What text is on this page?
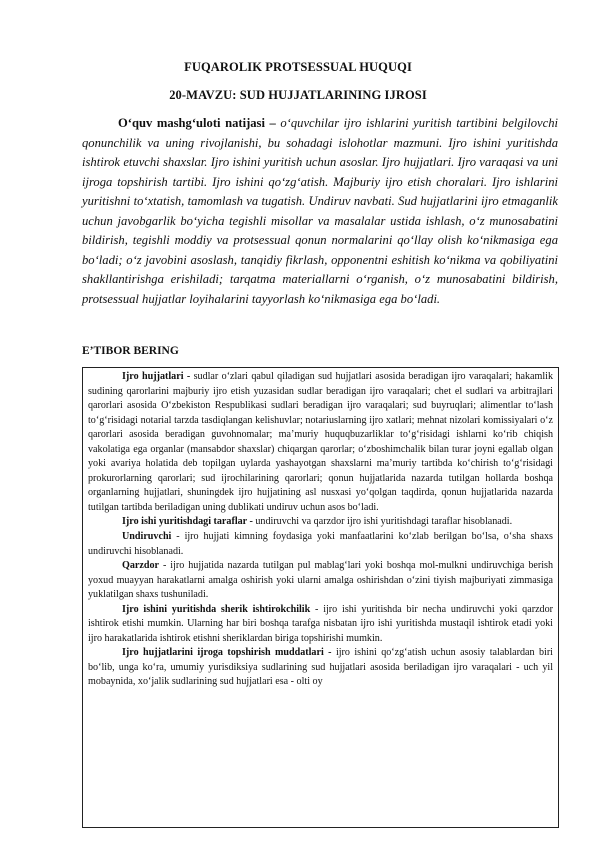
FUQAROLIK PROTSESSUAL HUQUQI
20-MAVZU: SUD HUJJATLARINING IJROSI

O‘quv mashg‘uloti natijasi – o‘quvchilar ijro ishlarini yuritish tartibini belgilovchi qonunchilik va uning rivojlanishi, bu sohadagi islohotlar mazmuni. Ijro ishini yuritishda ishtirok etuvchi shaxslar. Ijro ishini yuritish uchun asoslar. Ijro hujjatlari. Ijro varaqasi va uni ijroga topshirish tartibi. Ijro ishini qo‘zg‘atish. Majburiy ijro etish choralari. Ijro ishlarini yuritishni to‘xtatish, tamomlash va tugatish. Undiruv navbati. Sud hujjatlarini ijro etmaganlik uchun javobgarlik bo‘yicha tegishli misollar va masalalar ustida ishlash, o‘z munosabatini bildirish, tegishli moddiy va protsessual qonun normalarini qo‘llay olish ko‘nikmasiga ega bo‘ladi; o‘z javobini asoslash, tanqidiy fikrlash, opponentni eshitish ko‘nikma va qobiliyatini shakllantirishga erishiladi; tarqatma materiallarni o‘rganish, o‘z munosabatini bildirish, protsessual hujjatlar loyihalarini tayyorlash ko‘nikmasiga ega bo‘ladi.

E’TIBOR BERING

Ijro hujjatlari - sudlar o‘zlari qabul qiladigan sud hujjatlari asosida beradigan ijro varaqalari; hakamlik sudining qarorlarini majburiy ijro etish yuzasidan sudlar beradigan ijro varaqalari; chet el sudlari va arbitrajlari qarorlari asosida O‘zbekiston Respublikasi sudlari beradigan ijro varaqalari; sud buyruqlari; alimentlar to‘lash to‘g‘risidagi notarial tarzda tasdiqlangan kelishuvlar; notariuslarning ijro xatlari; mehnat nizolari komissiyalari o‘z qarorlari asosida beradigan guvohnomalar; ma’muriy huquqbuzarliklar to‘g‘risidagi ishlarni ko‘rib chiqish vakolatiga ega organlar (mansabdor shaxslar) chiqargan qarorlar; o‘zboshimchalik bilan turar joyni egallab olgan yoki avariya holatida deb topilgan uylarda yashayotgan shaxslarni ma’muriy tartibda ko‘chirish to‘g‘risidagi prokurorlarning qarorlari; sud ijrochilarining qarorlari; qonun hujjatlarida nazarda tutilgan hollarda boshqa organlarning hujjatlari, shuningdek ijro hujjatining asl nusxasi yo‘qolgan taqdirda, qonun hujjatlarida nazarda tutilgan tartibda beriladigan uning dublikati undiruv uchun asos bo‘ladi.

Ijro ishi yuritishdagi taraflar - undiruvchi va qarzdor ijro ishi yuritishdagi taraflar hisoblanadi.

Undiruvchi - ijro hujjati kimning foydasiga yoki manfaatlarini ko‘zlab berilgan bo‘lsa, o‘sha shaxs undiruvchi hisoblanadi.

Qarzdor - ijro hujjatida nazarda tutilgan pul mablag‘lari yoki boshqa mol-mulkni undiruvchiga berish yoxud muayyan harakatlarni amalga oshirish yoki ularni amalga oshirishdan o‘zini tiyish majburiyati zimmasiga yuklatilgan shaxs tushuniladi.

Ijro ishini yuritishda sherik ishtirokchilik - ijro ishi yuritishda bir necha undiruvchi yoki qarzdor ishtirok etishi mumkin. Ularning har biri boshqa tarafga nisbatan ijro ishi yuritishda mustaqil ishtirok etadi yoki ijro harakatlarida ishtirok etishni sheriklardan biriga topshirishi mumkin.

Ijro hujjatlarini ijroga topshirish muddatlari - ijro ishini qo‘zg‘atish uchun asosiy talablardan biri bo‘lib, unga ko‘ra, umumiy yurisdiksiya sudlarining sud hujjatlari asosida beriladigan ijro varaqalari - uch yil mobaynida, xo‘jalik sudlarining sud hujjatlari esa - olti oy
